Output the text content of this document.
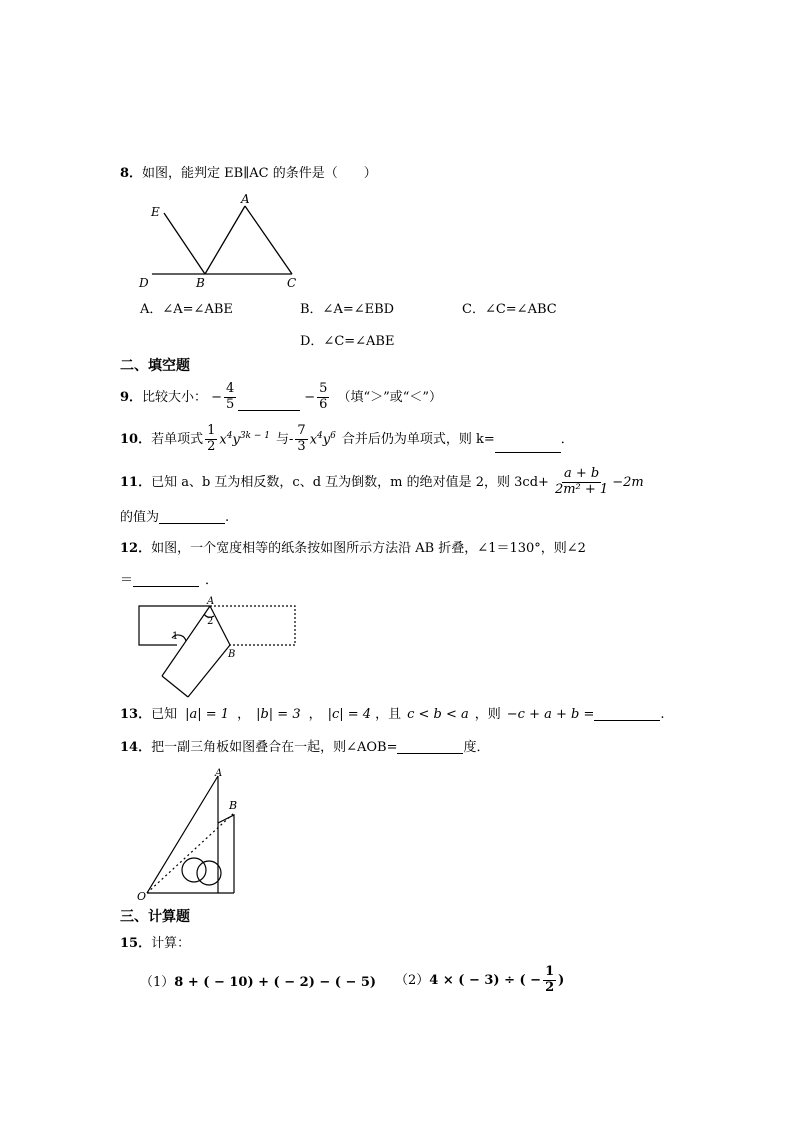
8．如图，能判定 EB∥AC 的条件是（　　）
E
A
D	B	C
A．∠A=∠ABE	B．∠A=∠EBD	C．∠C=∠ABC
D．∠C=∠ABE
二、填空题
9． 比较大小： − $\frac{4}{5}$	− $\frac{5}{6}$ （填“＞”或“＜”）
10． 若单项式 $\frac{1}{2} x^4y^{3k - 1}$ 与- $\frac{7}{3} x^4y^6$ 合并后仍为单项式，则 k=	．
11． 已知 a、b 互为相反数，c、d 互为倒数，m 的绝对值是 2，则 $3cd+ \frac{a + b}{\text{2m² + 1}} -2m$
的值为	.
12．如图，一个宽度相等的纸条按如图所示方法沿 AB 折叠，∠1＝130°，则∠2
＝	．
A
B
1
2
13． 已知 |a| = 1 ， |b| = 3 ， |c| = 4 ，且 c < b < a ，则 −c + a + b =	.
14． 把一副三角板如图叠合在一起，则∠AOB=	度．
A
B
O
三、计算题
15．计算：
（1） 8 + ( − 10) + ( − 2) − ( − 5) （2） 4 × ( − 3) ÷ ( − $\frac{1}{2}$ )
